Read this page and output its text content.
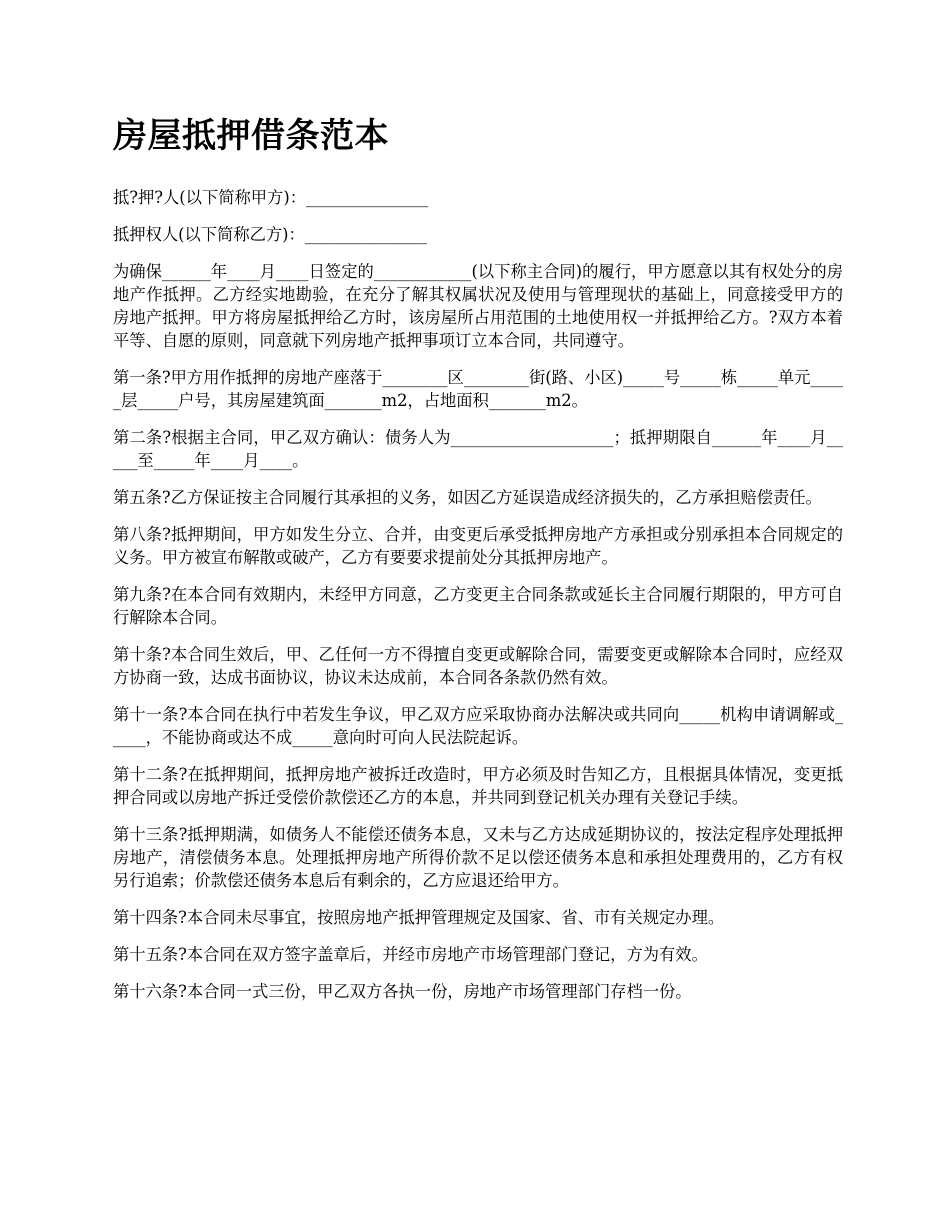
房屋抵押借条范本

抵?押?人(以下简称甲方)：_______________

抵押权人(以下简称乙方)：_______________

为确保______年____月____日签定的____________(以下称主合同)的履行，甲方愿意以其有权处分的房地产作抵押。乙方经实地勘验，在充分了解其权属状况及使用与管理现状的基础上，同意接受甲方的房地产抵押。甲方将房屋抵押给乙方时，该房屋所占用范围的土地使用权一并抵押给乙方。?双方本着平等、自愿的原则，同意就下列房地产抵押事项订立本合同，共同遵守。

第一条?甲方用作抵押的房地产座落于________区________街(路、小区)_____号_____栋_____单元_____层_____户号，其房屋建筑面_______m2，占地面积_______m2。

第二条?根据主合同，甲乙双方确认：债务人为____________________；抵押期限自______年____月_____至_____年____月____。

第五条?乙方保证按主合同履行其承担的义务，如因乙方延误造成经济损失的，乙方承担赔偿责任。

第八条?抵押期间，甲方如发生分立、合并，由变更后承受抵押房地产方承担或分别承担本合同规定的义务。甲方被宣布解散或破产，乙方有要要求提前处分其抵押房地产。

第九条?在本合同有效期内，未经甲方同意，乙方变更主合同条款或延长主合同履行期限的，甲方可自行解除本合同。

第十条?本合同生效后，甲、乙任何一方不得擅自变更或解除合同，需要变更或解除本合同时，应经双方协商一致，达成书面协议，协议未达成前，本合同各条款仍然有效。

第十一条?本合同在执行中若发生争议，甲乙双方应采取协商办法解决或共同向_____机构申请调解或_____，不能协商或达不成_____意向时可向人民法院起诉。

第十二条?在抵押期间，抵押房地产被拆迁改造时，甲方必须及时告知乙方，且根据具体情况，变更抵押合同或以房地产拆迁受偿价款偿还乙方的本息，并共同到登记机关办理有关登记手续。

第十三条?抵押期满，如债务人不能偿还债务本息，又未与乙方达成延期协议的，按法定程序处理抵押房地产，清偿债务本息。处理抵押房地产所得价款不足以偿还债务本息和承担处理费用的，乙方有权另行追索；价款偿还债务本息后有剩余的，乙方应退还给甲方。

第十四条?本合同未尽事宜，按照房地产抵押管理规定及国家、省、市有关规定办理。

第十五条?本合同在双方签字盖章后，并经市房地产市场管理部门登记，方为有效。

第十六条?本合同一式三份，甲乙双方各执一份，房地产市场管理部门存档一份。
